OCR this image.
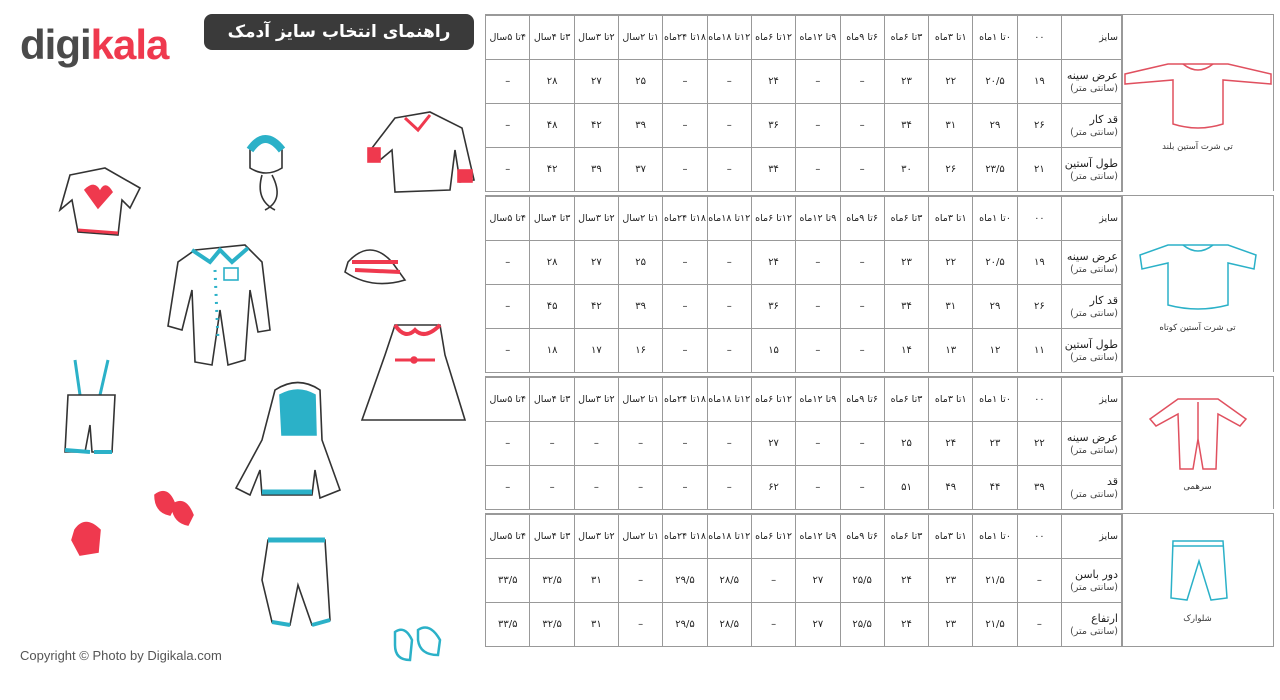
digikala	راهنمای انتخاب سایز آدمک
Copyright © Photo by Digikala.com
تی شرت آستین بلند
سایز	۰۰	۰تا ۱ماه	۱تا ۳ماه	۳تا ۶ماه	۶تا ۹ماه	۹تا ۱۲ماه	۱۲تا ۶ماه	۱۲تا ۱۸ماه	۱۸تا ۲۴ماه	۱تا ۲سال	۲تا ۳سال	۳تا ۴سال	۴تا ۵سال
عرض سینه
(سانتی متر)	۱۹	۲۰/۵	۲۲	۲۳	–	–	۲۴	–	–	۲۵	۲۷	۲۸	–
قد کار
(سانتی متر)	۲۶	۲۹	۳۱	۳۴	–	–	۳۶	–	–	۳۹	۴۲	۴۸	–
طول آستین
(سانتی متر)	۲۱	۲۳/۵	۲۶	۳۰	–	–	۳۴	–	–	۳۷	۳۹	۴۲	–
تی شرت آستین کوتاه
سایز	۰۰	۰تا ۱ماه	۱تا ۳ماه	۳تا ۶ماه	۶تا ۹ماه	۹تا ۱۲ماه	۱۲تا ۶ماه	۱۲تا ۱۸ماه	۱۸تا ۲۴ماه	۱تا ۲سال	۲تا ۳سال	۳تا ۴سال	۴تا ۵سال
عرض سینه
(سانتی متر)	۱۹	۲۰/۵	۲۲	۲۳	–	–	۲۴	–	–	۲۵	۲۷	۲۸	–
قد کار
(سانتی متر)	۲۶	۲۹	۳۱	۳۴	–	–	۳۶	–	–	۳۹	۴۲	۴۵	–
طول آستین
(سانتی متر)	۱۱	۱۲	۱۳	۱۴	–	–	۱۵	–	–	۱۶	۱۷	۱۸	–
سرهمی
سایز	۰۰	۰تا ۱ماه	۱تا ۳ماه	۳تا ۶ماه	۶تا ۹ماه	۹تا ۱۲ماه	۱۲تا ۶ماه	۱۲تا ۱۸ماه	۱۸تا ۲۴ماه	۱تا ۲سال	۲تا ۳سال	۳تا ۴سال	۴تا ۵سال
عرض سینه
(سانتی متر)	۲۲	۲۳	۲۴	۲۵	–	–	۲۷	–	–	–	–	–	–
قد
(سانتی متر)	۳۹	۴۴	۴۹	۵۱	–	–	۶۲	–	–	–	–	–	–
شلوارک
سایز	۰۰	۰تا ۱ماه	۱تا ۳ماه	۳تا ۶ماه	۶تا ۹ماه	۹تا ۱۲ماه	۱۲تا ۶ماه	۱۲تا ۱۸ماه	۱۸تا ۲۴ماه	۱تا ۲سال	۲تا ۳سال	۳تا ۴سال	۴تا ۵سال
دور باسن
(سانتی متر)	–	۲۱/۵	۲۳	۲۴	۲۵/۵	۲۷	–	۲۸/۵	۲۹/۵	–	۳۱	۳۲/۵	۳۳/۵
ارتفاع
(سانتی متر)	–	۲۱/۵	۲۳	۲۴	۲۵/۵	۲۷	–	۲۸/۵	۲۹/۵	–	۳۱	۳۲/۵	۳۳/۵
